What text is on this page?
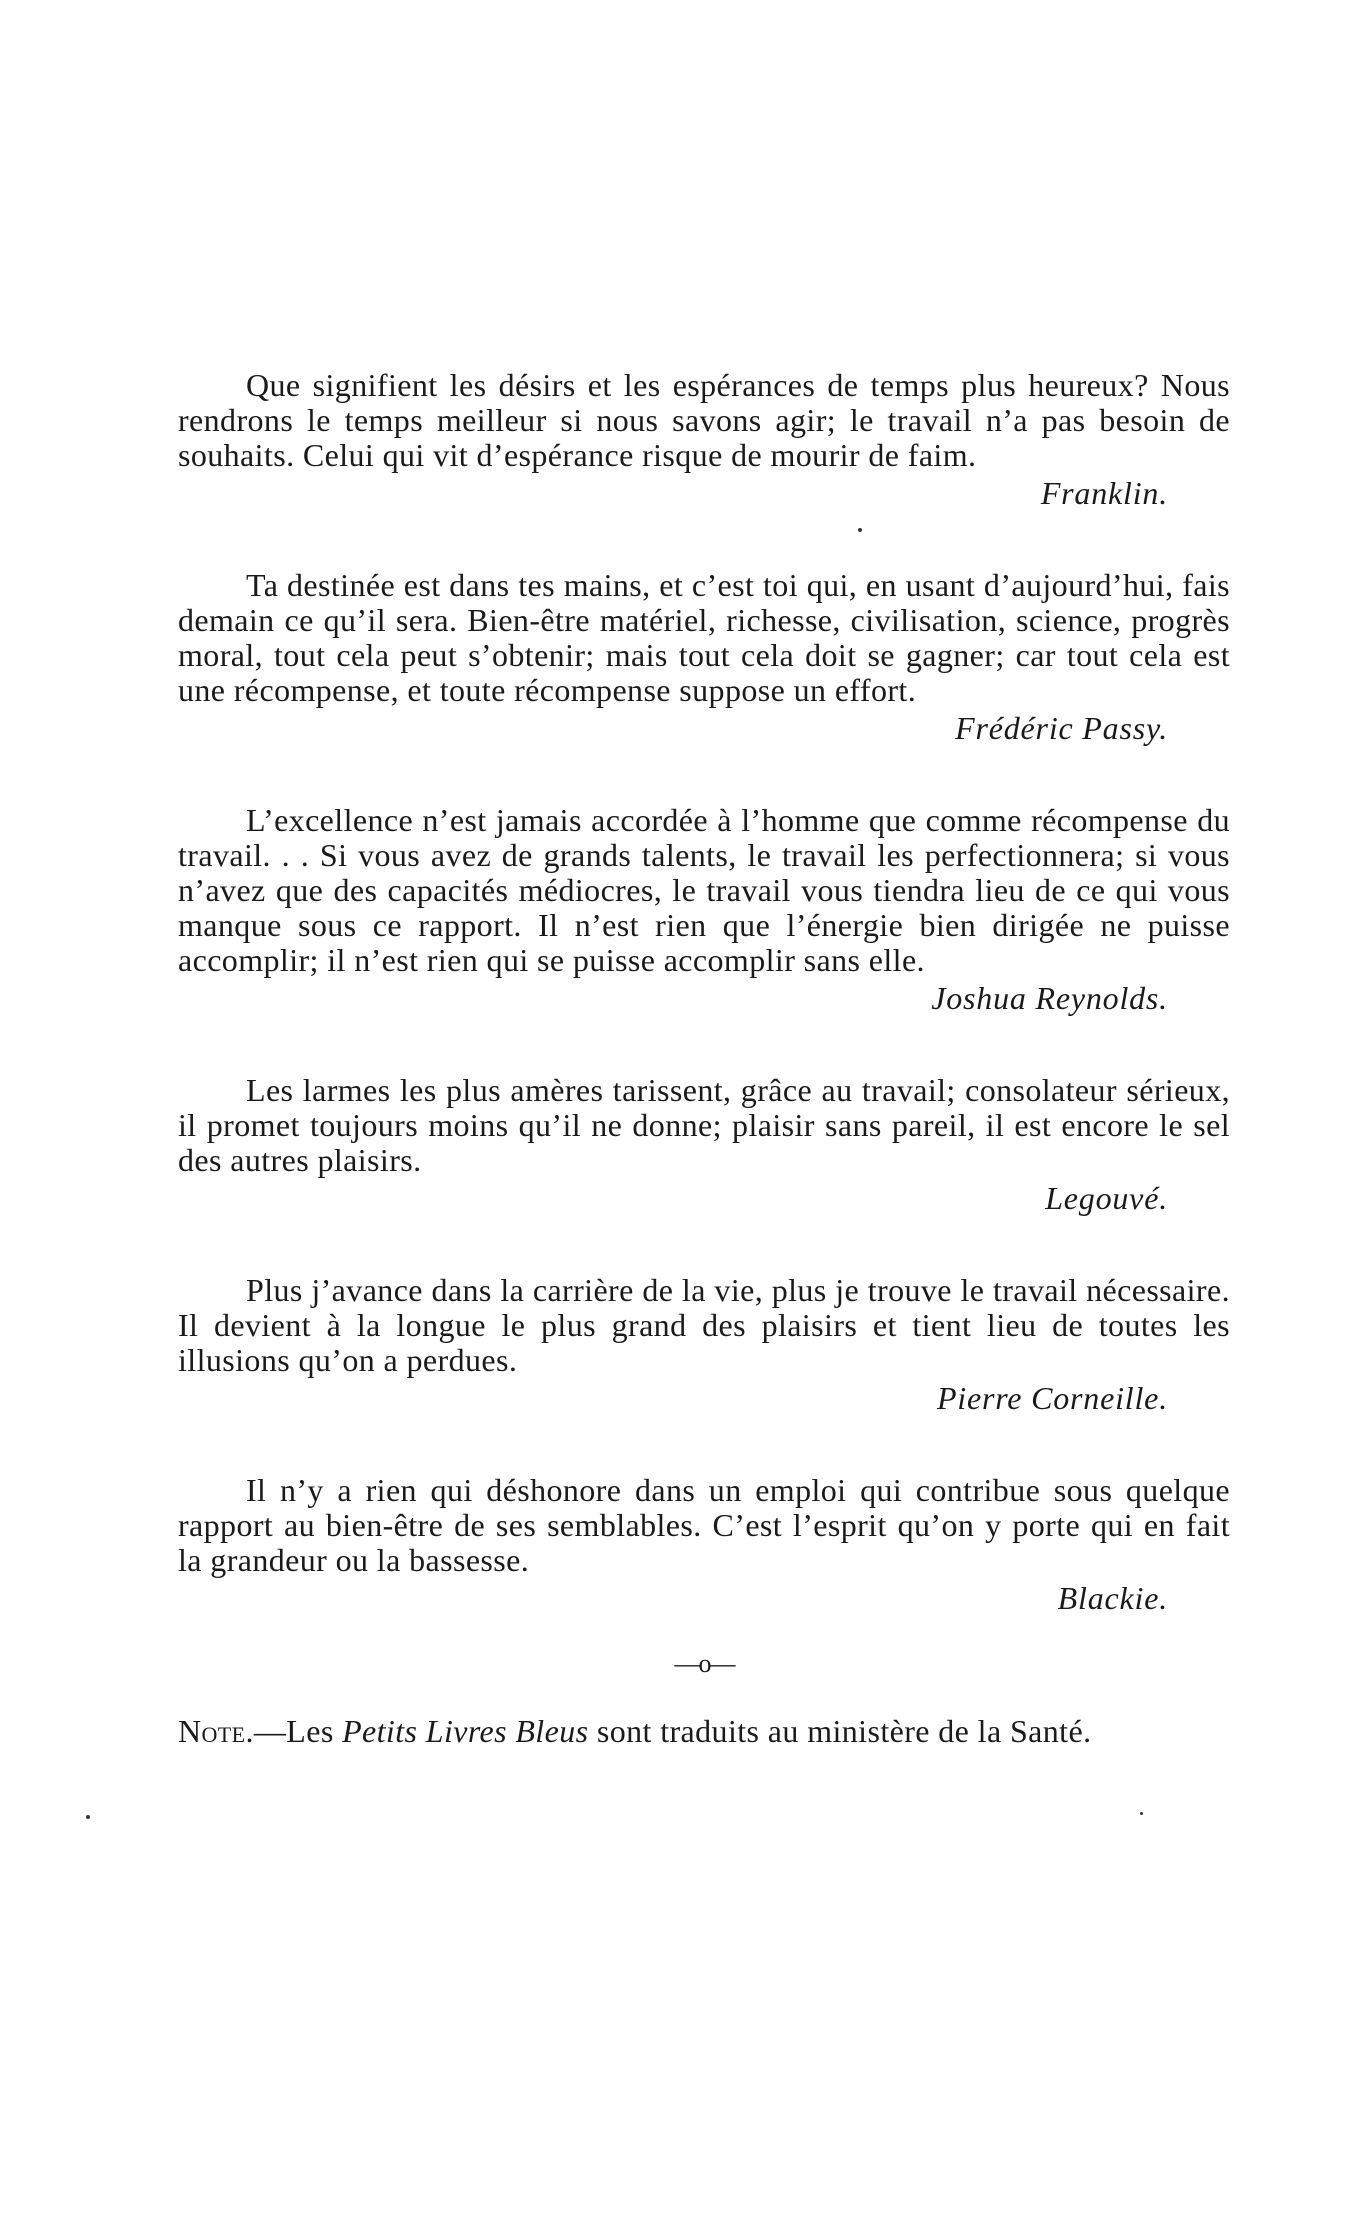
Que signifient les désirs et les espérances de temps plus heureux? Nous rendrons le temps meilleur si nous savons agir; le travail n’a pas besoin de souhaits. Celui qui vit d’espérance risque de mourir de faim.

Franklin.

Ta destinée est dans tes mains, et c’est toi qui, en usant d’aujourd’hui, fais demain ce qu’il sera. Bien-être matériel, richesse, civilisation, science, progrès moral, tout cela peut s’obtenir; mais tout cela doit se gagner; car tout cela est une récompense, et toute récompense suppose un effort.

Frédéric Passy.

L’excellence n’est jamais accordée à l’homme que comme récompense du travail. . . Si vous avez de grands talents, le travail les perfectionnera; si vous n’avez que des capacités médiocres, le travail vous tiendra lieu de ce qui vous manque sous ce rapport. Il n’est rien que l’énergie bien dirigée ne puisse accomplir; il n’est rien qui se puisse accomplir sans elle.

Joshua Reynolds.

Les larmes les plus amères tarissent, grâce au travail; consolateur sérieux, il promet toujours moins qu’il ne donne; plaisir sans pareil, il est encore le sel des autres plaisirs.

Legouvé.

Plus j’avance dans la carrière de la vie, plus je trouve le travail nécessaire. Il devient à la longue le plus grand des plaisirs et tient lieu de toutes les illusions qu’on a perdues.

Pierre Corneille.

Il n’y a rien qui déshonore dans un emploi qui contribue sous quelque rapport au bien-être de ses semblables. C’est l’esprit qu’on y porte qui en fait la grandeur ou la bassesse.

Blackie.
—o—

Note.—Les Petits Livres Bleus sont traduits au ministère de la Santé.
